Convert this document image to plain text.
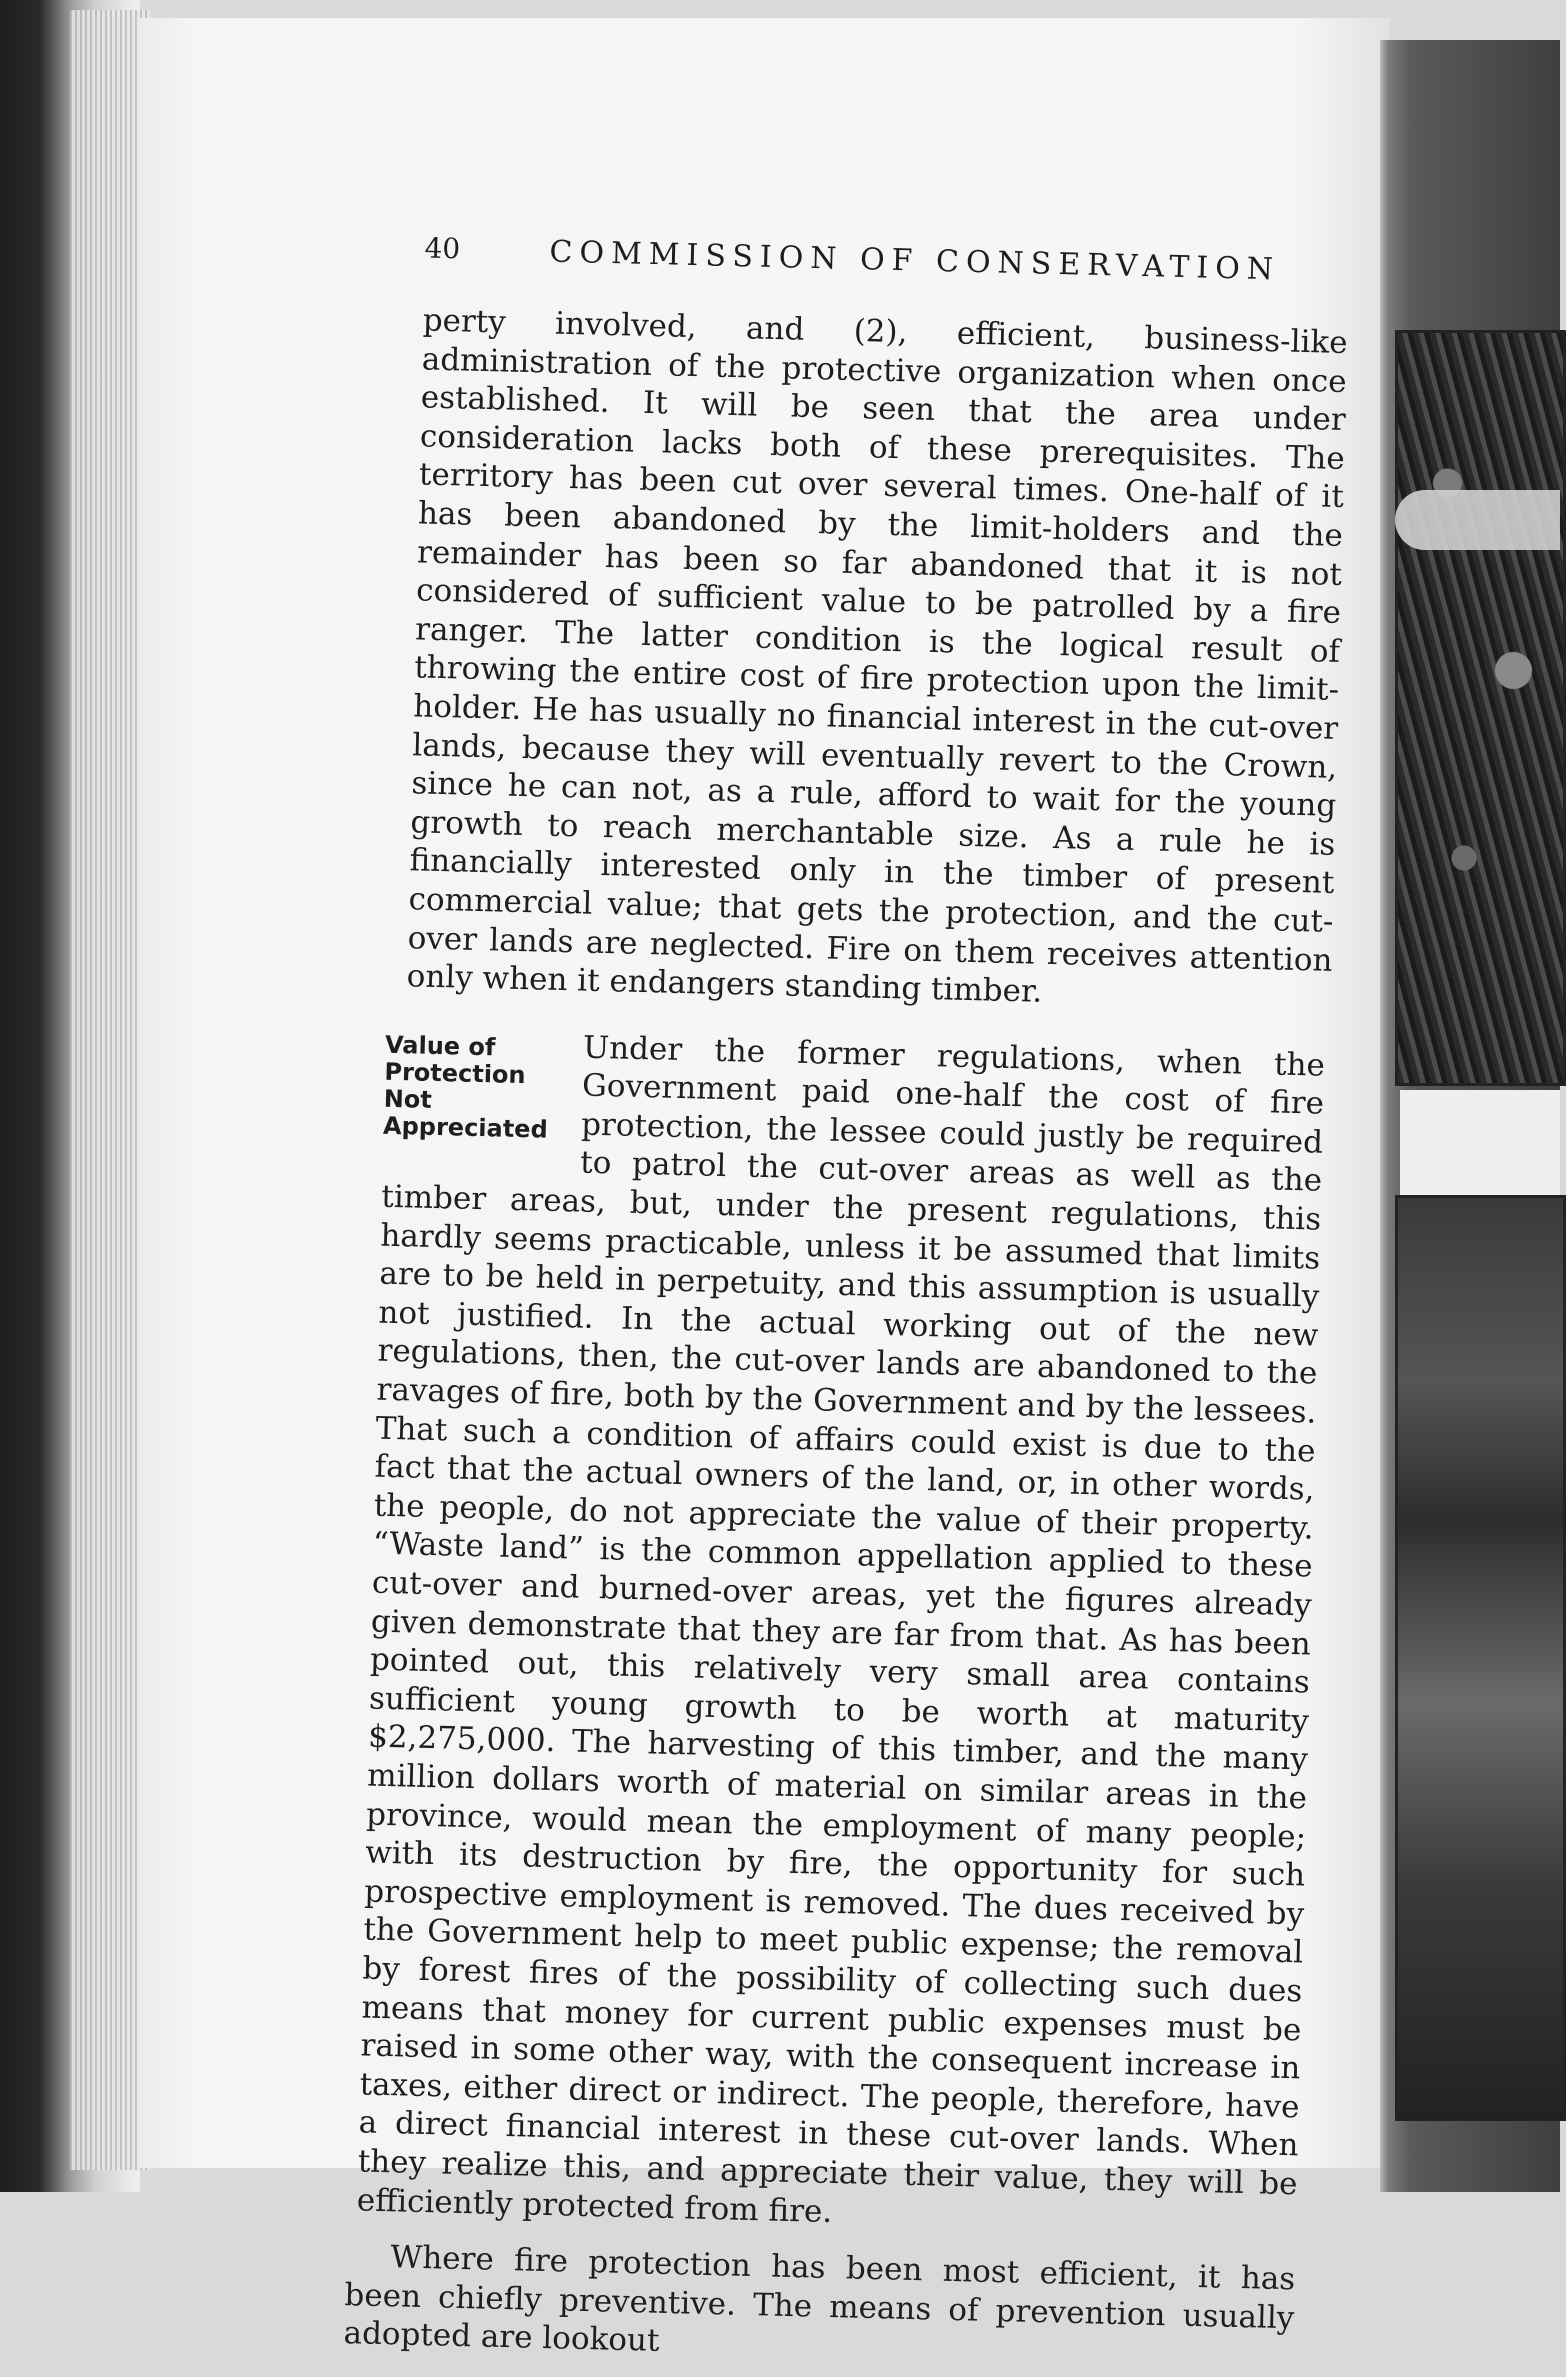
40	COMMISSION OF CONSERVATION

perty involved, and (2), efficient, business-like administration of the protective organization when once established. It will be seen that the area under consideration lacks both of these prerequisites. The territory has been cut over several times. One-half of it has been abandoned by the limit-holders and the remainder has been so far abandoned that it is not considered of sufficient value to be patrolled by a fire ranger. The latter condition is the logical result of throwing the entire cost of fire protection upon the limit-holder. He has usually no financial interest in the cut-over lands, because they will eventually revert to the Crown, since he can not, as a rule, afford to wait for the young growth to reach merchantable size. As a rule he is financially interested only in the timber of present commercial value; that gets the protection, and the cut-over lands are neglected. Fire on them receives attention only when it endangers standing timber.

Value of
Protection Not
Appreciated

Under the former regulations, when the Government paid one-half the cost of fire protection, the lessee could justly be required to patrol the cut-over areas as well as the timber areas, but, under the present regulations, this hardly seems practicable, unless it be assumed that limits are to be held in perpetuity, and this assumption is usually not justified. In the actual working out of the new regulations, then, the cut-over lands are abandoned to the ravages of fire, both by the Government and by the lessees. That such a condition of affairs could exist is due to the fact that the actual owners of the land, or, in other words, the people, do not appreciate the value of their property. “Waste land” is the common appellation applied to these cut-over and burned-over areas, yet the figures already given demonstrate that they are far from that. As has been pointed out, this relatively very small area contains sufficient young growth to be worth at maturity $2,275,000. The harvesting of this timber, and the many million dollars worth of material on similar areas in the province, would mean the employment of many people; with its destruction by fire, the opportunity for such prospective employment is removed. The dues received by the Government help to meet public expense; the removal by forest fires of the possibility of collecting such dues means that money for current public expenses must be raised in some other way, with the consequent increase in taxes, either direct or indirect. The people, therefore, have a direct financial interest in these cut-over lands. When they realize this, and appreciate their value, they will be efficiently protected from fire.

Where fire protection has been most efficient, it has been chiefly preventive. The means of prevention usually adopted are lookout
